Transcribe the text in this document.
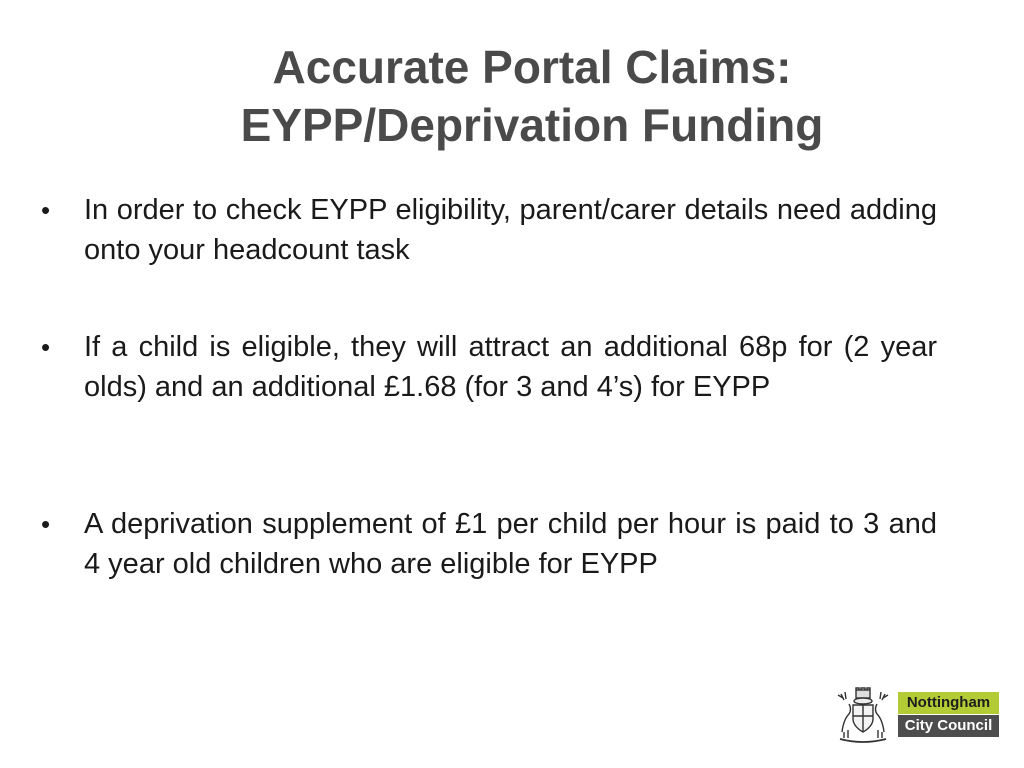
Accurate Portal Claims:
EYPP/Deprivation Funding
• In order to check EYPP eligibility, parent/carer details need adding onto your headcount task
• If a child is eligible, they will attract an additional 68p for (2 year olds) and an additional £1.68 (for 3 and 4’s) for EYPP
• A deprivation supplement of £1 per child per hour is paid to 3 and 4 year old children who are eligible for EYPP
Nottingham
City Council
